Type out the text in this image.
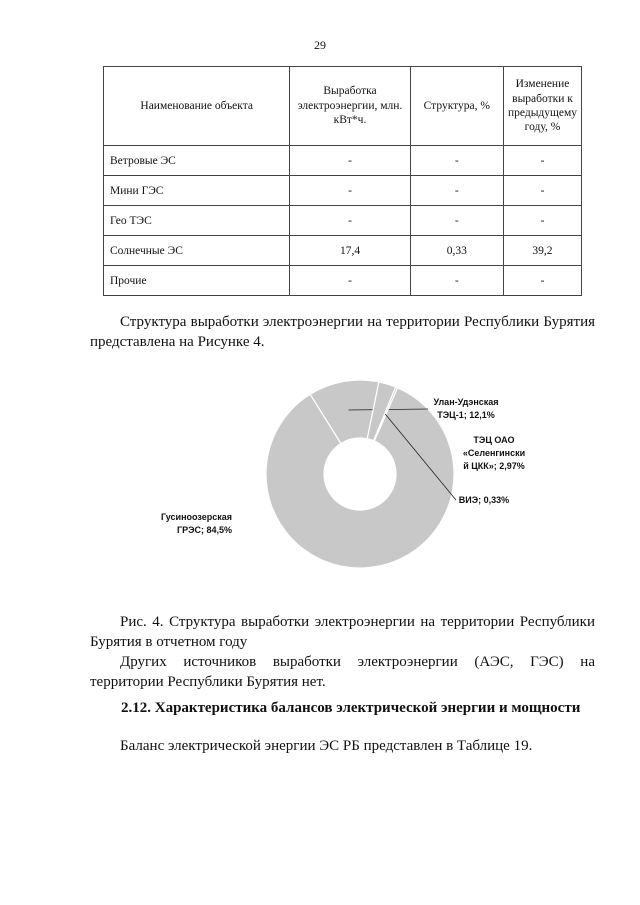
29
Наименование объекта	Выработка электроэнергии, млн. кВт*ч.	Структура, %	Изменение выработки к предыдущему году, %
Ветровые ЭС	-	-	-
Мини ГЭС	-	-	-
Гео ТЭС	-	-	-
Солнечные ЭС	17,4	0,33	39,2
Прочие	-	-	-

Структура выработки электроэнергии на территории Республики Бурятия представлена на Рисунке 4.

Гусиноозерская ГРЭС; 84,5%
Улан-Удэнская ТЭЦ-1; 12,1%
ТЭЦ ОАО «Селенгински й ЦКК»; 2,97%
ВИЭ; 0,33%

Рис. 4. Структура выработки электроэнергии на территории Республики Бурятия в отчетном году

Других источников выработки электроэнергии (АЭС, ГЭС) на территории Республики Бурятия нет.

2.12. Характеристика балансов электрической энергии и мощности

Баланс электрической энергии ЭС РБ представлен в Таблице 19.
